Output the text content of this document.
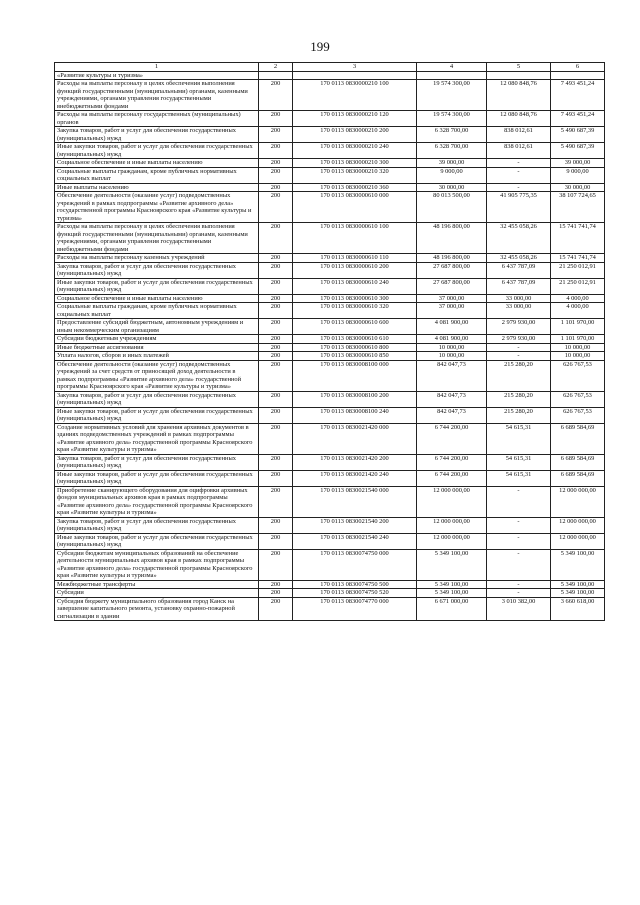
199
1	2	3	4	5	6
«Развитие культуры и туризма»					
Расходы на выплаты персоналу в целях обеспечения выполнения функций государственными (муниципальными) органами, казенными учреждениями, органами управления государственными внебюджетными фондами	200	170 0113 0830000210 100	19 574 300,00	12 080 848,76	7 493 451,24
Расходы на выплаты персоналу государственных (муниципальных) органов	200	170 0113 0830000210 120	19 574 300,00	12 080 848,76	7 493 451,24
Закупка товаров, работ и услуг для обеспечения государственных (муниципальных) нужд	200	170 0113 0830000210 200	6 328 700,00	838 012,61	5 490 687,39
Иные закупки товаров, работ и услуг для обеспечения государственных (муниципальных) нужд	200	170 0113 0830000210 240	6 328 700,00	838 012,61	5 490 687,39
Социальное обеспечение и иные выплаты населению	200	170 0113 0830000210 300	39 000,00	-	39 000,00
Социальные выплаты гражданам, кроме публичных нормативных социальных выплат	200	170 0113 0830000210 320	9 000,00	-	9 000,00
Иные выплаты населению	200	170 0113 0830000210 360	30 000,00	-	30 000,00
Обеспечение деятельности (оказание услуг) подведомственных учреждений в рамках подпрограммы «Развитие архивного дела» государственной программы Красноярского края «Развитие культуры и туризма»	200	170 0113 0830000610 000	80 013 500,00	41 905 775,35	38 107 724,65
Расходы на выплаты персоналу в целях обеспечения выполнения функций государственными (муниципальными) органами, казенными учреждениями, органами управления государственными внебюджетными фондами	200	170 0113 0830000610 100	48 196 800,00	32 455 058,26	15 741 741,74
Расходы на выплаты персоналу казенных учреждений	200	170 0113 0830000610 110	48 196 800,00	32 455 058,26	15 741 741,74
Закупка товаров, работ и услуг для обеспечения государственных (муниципальных) нужд	200	170 0113 0830000610 200	27 687 800,00	6 437 787,09	21 250 012,91
Иные закупки товаров, работ и услуг для обеспечения государственных (муниципальных) нужд	200	170 0113 0830000610 240	27 687 800,00	6 437 787,09	21 250 012,91
Социальное обеспечение и иные выплаты населению	200	170 0113 0830000610 300	37 000,00	33 000,00	4 000,00
Социальные выплаты гражданам, кроме публичных нормативных социальных выплат	200	170 0113 0830000610 320	37 000,00	33 000,00	4 000,00
Предоставление субсидий бюджетным, автономным учреждениям и иным некоммерческим организациям	200	170 0113 0830000610 600	4 081 900,00	2 979 930,00	1 101 970,00
Субсидии бюджетным учреждениям	200	170 0113 0830000610 610	4 081 900,00	2 979 930,00	1 101 970,00
Иные бюджетные ассигнования	200	170 0113 0830000610 800	10 000,00	-	10 000,00
Уплата налогов, сборов и иных платежей	200	170 0113 0830000610 850	10 000,00	-	10 000,00
Обеспечение деятельности (оказание услуг) подведомственных учреждений за счет средств от приносящей доход деятельности в рамках подпрограммы «Развитие архивного дела» государственной программы Красноярского края «Развитие культуры и туризма»	200	170 0113 0830008100 000	842 047,73	215 280,20	626 767,53
Закупка товаров, работ и услуг для обеспечения государственных (муниципальных) нужд	200	170 0113 0830008100 200	842 047,73	215 280,20	626 767,53
Иные закупки товаров, работ и услуг для обеспечения государственных (муниципальных) нужд	200	170 0113 0830008100 240	842 047,73	215 280,20	626 767,53
Создание нормативных условий для хранения архивных документов в зданиях подведомственных учреждений в рамках подпрограммы «Развитие архивного дела» государственной программы Красноярского края «Развитие культуры и туризма»	200	170 0113 0830021420 000	6 744 200,00	54 615,31	6 689 584,69
Закупка товаров, работ и услуг для обеспечения государственных (муниципальных) нужд	200	170 0113 0830021420 200	6 744 200,00	54 615,31	6 689 584,69
Иные закупки товаров, работ и услуг для обеспечения государственных (муниципальных) нужд	200	170 0113 0830021420 240	6 744 200,00	54 615,31	6 689 584,69
Приобретение сканирующего оборудования для оцифровки архивных фондов муниципальных архивов края в рамках подпрограммы «Развитие архивного дела» государственной программы Красноярского края «Развитие культуры и туризма»	200	170 0113 0830021540 000	12 000 000,00	-	12 000 000,00
Закупка товаров, работ и услуг для обеспечения государственных (муниципальных) нужд	200	170 0113 0830021540 200	12 000 000,00	-	12 000 000,00
Иные закупки товаров, работ и услуг для обеспечения государственных (муниципальных) нужд	200	170 0113 0830021540 240	12 000 000,00	-	12 000 000,00
Субсидии бюджетам муниципальных образований на обеспечение деятельности муниципальных архивов края в рамках подпрограммы «Развитие архивного дела» государственной программы Красноярского края «Развитие культуры и туризма»	200	170 0113 0830074750 000	5 349 100,00	-	5 349 100,00
Межбюджетные трансферты	200	170 0113 0830074750 500	5 349 100,00	-	5 349 100,00
Субсидии	200	170 0113 0830074750 520	5 349 100,00	-	5 349 100,00
Субсидия бюджету муниципального образования город Канск на завершение капитального ремонта, установку охранно-пожарной сигнализации в здании	200	170 0113 0830074770 000	6 671 000,00	3 010 382,00	3 660 618,00
